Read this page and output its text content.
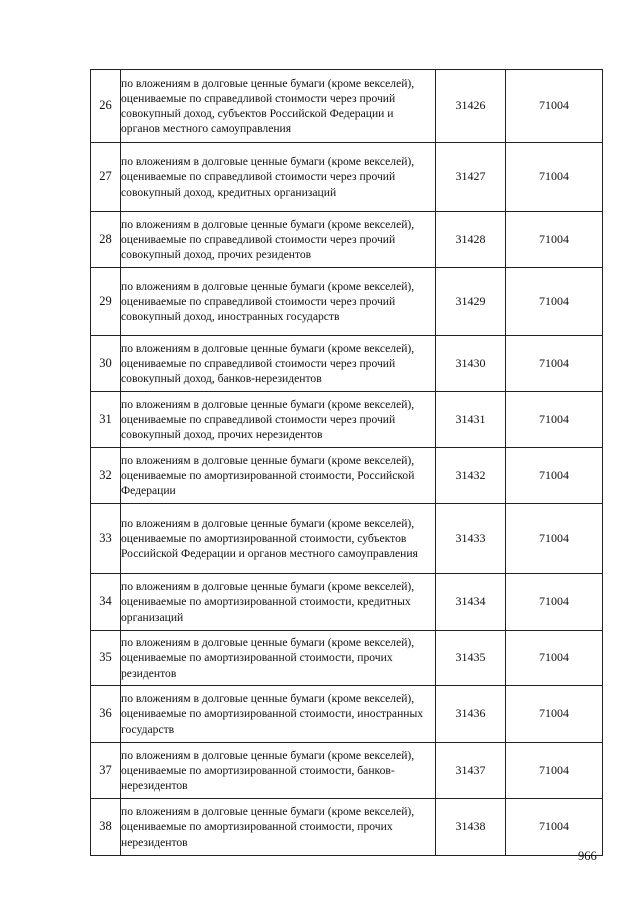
26	по вложениям в долговые ценные бумаги (кроме векселей), оцениваемые по справедливой стоимости через прочий совокупный доход, субъектов Российской Федерации и органов местного самоуправления	31426	71004
27	по вложениям в долговые ценные бумаги (кроме векселей), оцениваемые по справедливой стоимости через прочий совокупный доход, кредитных организаций	31427	71004
28	по вложениям в долговые ценные бумаги (кроме векселей), оцениваемые по справедливой стоимости через прочий совокупный доход, прочих резидентов	31428	71004
29	по вложениям в долговые ценные бумаги (кроме векселей), оцениваемые по справедливой стоимости через прочий совокупный доход, иностранных государств	31429	71004
30	по вложениям в долговые ценные бумаги (кроме векселей), оцениваемые по справедливой стоимости через прочий совокупный доход, банков-нерезидентов	31430	71004
31	по вложениям в долговые ценные бумаги (кроме векселей), оцениваемые по справедливой стоимости через прочий совокупный доход, прочих нерезидентов	31431	71004
32	по вложениям в долговые ценные бумаги (кроме векселей), оцениваемые по амортизированной стоимости, Российской Федерации	31432	71004
33	по вложениям в долговые ценные бумаги (кроме векселей), оцениваемые по амортизированной стоимости, субъектов Российской Федерации и органов местного самоуправления	31433	71004
34	по вложениям в долговые ценные бумаги (кроме векселей), оцениваемые по амортизированной стоимости, кредитных организаций	31434	71004
35	по вложениям в долговые ценные бумаги (кроме векселей), оцениваемые по амортизированной стоимости, прочих резидентов	31435	71004
36	по вложениям в долговые ценные бумаги (кроме векселей), оцениваемые по амортизированной стоимости, иностранных государств	31436	71004
37	по вложениям в долговые ценные бумаги (кроме векселей), оцениваемые по амортизированной стоимости, банков-нерезидентов	31437	71004
38	по вложениям в долговые ценные бумаги (кроме векселей), оцениваемые по амортизированной стоимости, прочих нерезидентов	31438	71004
966
